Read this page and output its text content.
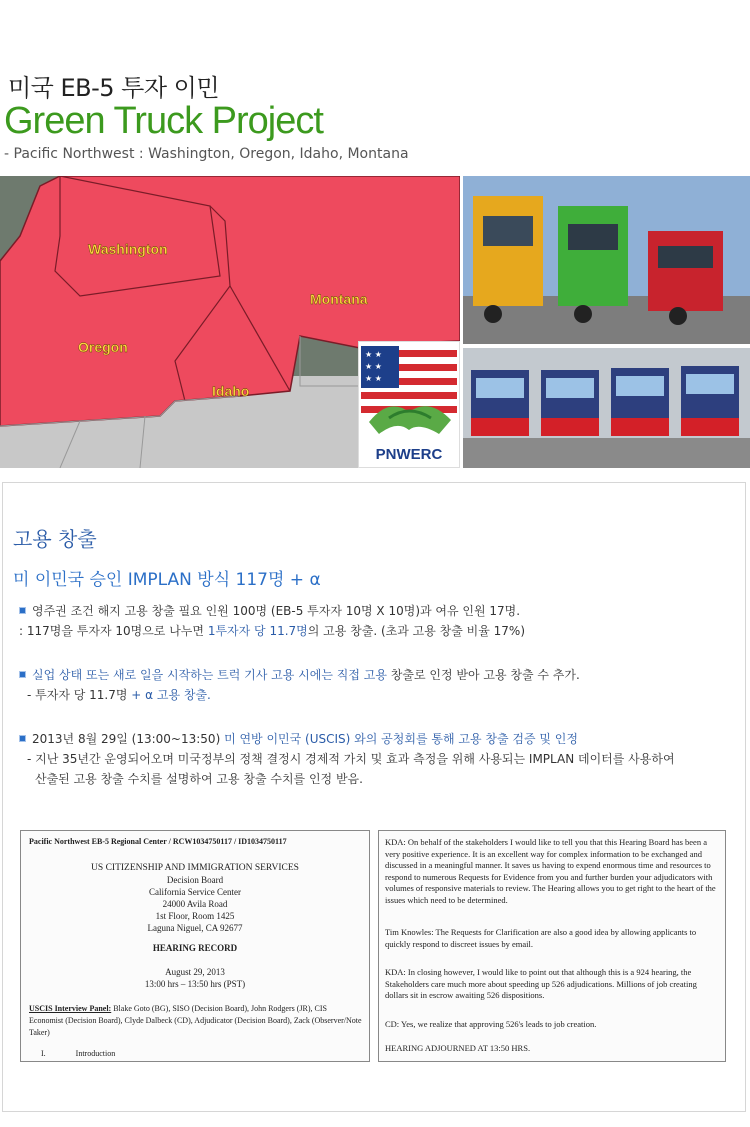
미국 EB-5 투자 이민
Green Truck Project
- Pacific Northwest : Washington, Oregon, Idaho, Montana
Washington
Oregon
Idaho
Montana
★ ★
★ ★
★ ★
PNWERC
고용 창출
미 이민국 승인 IMPLAN 방식 117명 + α
영주권 조건 해지 고용 창출 필요 인원 100명 (EB-5 투자자 10명 X 10명)과 여유 인원 17명.
: 117명을 투자자 10명으로 나누면 1투자자 당 11.7명의 고용 창출. (초과 고용 창출 비율 17%)
실업 상태 또는 새로 일을 시작하는 트럭 기사 고용 시에는 직접 고용 창출로 인정 받아 고용 창출 수 추가.
- 투자자 당 11.7명 + α 고용 창출.
2013년 8월 29일 (13:00~13:50) 미 연방 이민국 (USCIS) 와의 공청회를 통해 고용 창출 검증 및 인정
- 지난 35년간 운영되어오며 미국정부의 정책 결정시 경제적 가치 및 효과 측정을 위해 사용되는 IMPLAN 데이터를 사용하여
산출된 고용 창출 수치를 설명하여 고용 창출 수치를 인정 받음.
Pacific Northwest EB-5 Regional Center / RCW1034750117 / ID1034750117
US CITIZENSHIP AND IMMIGRATION SERVICES
Decision Board
California Service Center
24000 Avila Road
1st Floor, Room 1425
Laguna Niguel, CA 92677
HEARING RECORD
August 29, 2013
13:00 hrs – 13:50 hrs (PST)
USCIS Interview Panel: Blake Goto (BG), SISO (Decision Board), John Rodgers (JR), CIS Economist (Decision Board), Clyde Dalbeck (CD), Adjudicator (Decision Board), Zack (Observer/Note Taker)
I.	Introduction
KDA: On behalf of the stakeholders I would like to tell you that this Hearing Board has been a very positive experience. It is an excellent way for complex information to be exchanged and discussed in a meaningful manner. It saves us having to expend enormous time and resources to respond to numerous Requests for Evidence from you and further burden your adjudicators with volumes of responsive materials to review. The Hearing allows you to get right to the heart of the issues which need to be determined.
Tim Knowles: The Requests for Clarification are also a good idea by allowing applicants to quickly respond to discreet issues by email.
KDA: In closing however, I would like to point out that although this is a 924 hearing, the Stakeholders care much more about speeding up 526 adjudications. Millions of job creating dollars sit in escrow awaiting 526 dispositions.
CD: Yes, we realize that approving 526's leads to job creation.
HEARING ADJOURNED AT 13:50 HRS.
